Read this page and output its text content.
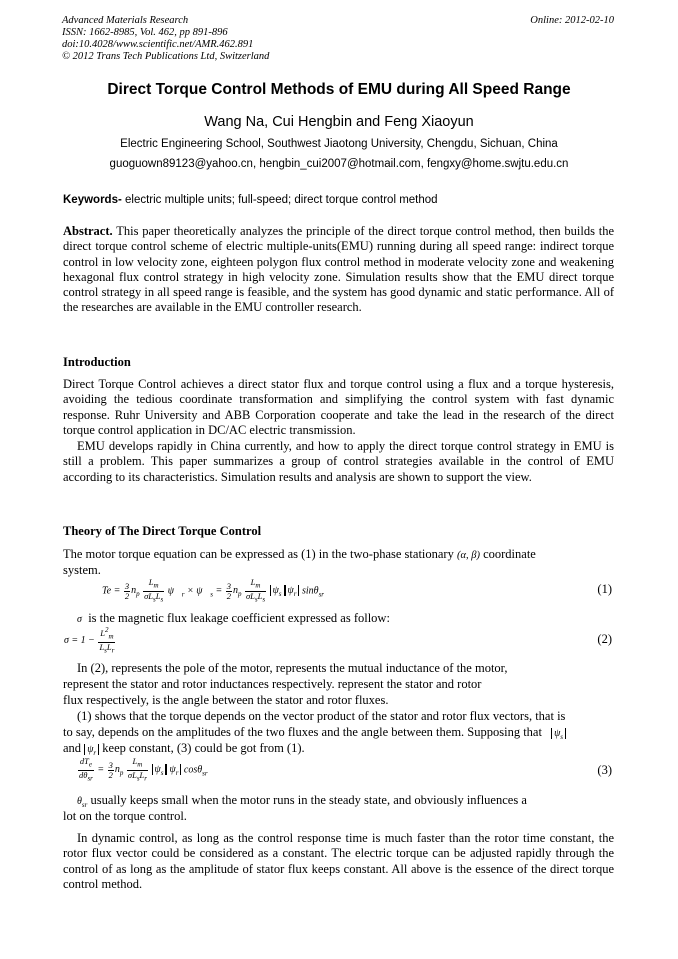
Advanced Materials Research
ISSN: 1662-8985, Vol. 462, pp 891-896
doi:10.4028/www.scientific.net/AMR.462.891
© 2012 Trans Tech Publications Ltd, Switzerland
Online: 2012-02-10
Direct Torque Control Methods of EMU during All Speed Range
Wang Na, Cui Hengbin and Feng Xiaoyun
Electric Engineering School, Southwest Jiaotong University, Chengdu, Sichuan, China
guoguown89123@yahoo.cn, hengbin_cui2007@hotmail.com, fengxy@home.swjtu.edu.cn
Keywords- electric multiple units; full-speed; direct torque control method

Abstract. This paper theoretically analyzes the principle of the direct torque control method, then builds the direct torque control scheme of electric multiple-units(EMU) running during all speed range: indirect torque control in low velocity zone, eighteen polygon flux control method in moderate velocity zone and weakening hexagonal flux control strategy in high velocity zone. Simulation results show that the EMU direct torque control strategy in all speed range is feasible, and the system has good dynamic and static performance. All of the researches are available in the EMU controller research.

Introduction

Direct Torque Control achieves a direct stator flux and torque control using a flux and a torque hysteresis, avoiding the tedious coordinate transformation and simplifying the control system with fast dynamic response. Ruhr University and ABB Corporation cooperate and take the lead in the research of the direct torque control application in DC/AC electric transmission.

EMU develops rapidly in China currently, and how to apply the direct torque control strategy in EMU is still a problem. This paper summarizes a group of control strategies available in the control of EMU according to its characteristics. Simulation results and analysis are shown to support the view.

Theory of The Direct Torque Control
The motor torque equation can be expressed as (1) in the two-phase stationary (α, β) coordinate
system.
$Te = \frac{3}{2} n_p \frac{L_m}{\sigma L_sL_s}$ $\psi⃗_r$ × $\psi⃗_s = \frac{3}{2} n_p \frac{L_m}{\sigma L_sL_s} \psi_s$ $\psi_r$ sinθ$_{sr}$	(1)
σ is the magnetic flux leakage coefficient expressed as follow:
$\sigma = 1 - \frac{L^2_m}{L_sL_r}$	(2)
In (2), represents the pole of the motor, represents the mutual inductance of the motor,
represent the stator and rotor inductances respectively. represent the stator and rotor
flux respectively, is the angle between the stator and rotor fluxes.
(1) shows that the torque depends on the vector product of the stator and rotor flux vectors, that is
to say, depends on the amplitudes of the two fluxes and the angle between them. Supposing that $\psi_s$
and $\psi_r$ keep constant, (3) could be got from (1).
$\frac{dT_e}{d\theta_{sr}} = \frac{3}{2} n_p \frac{L_m}{\sigma L_sL_r} \psi_s$ $\psi_r$ cosθ$_{sr}$	(3)
$\theta_{sr}$ usually keeps small when the motor runs in the steady state, and obviously influences a
lot on the torque control.

In dynamic control, as long as the control response time is much faster than the rotor time constant, the rotor flux vector could be considered as a constant. The electric torque can be adjusted rapidly through the control of as long as the amplitude of stator flux keeps constant. All above is the essence of the direct torque control method.
